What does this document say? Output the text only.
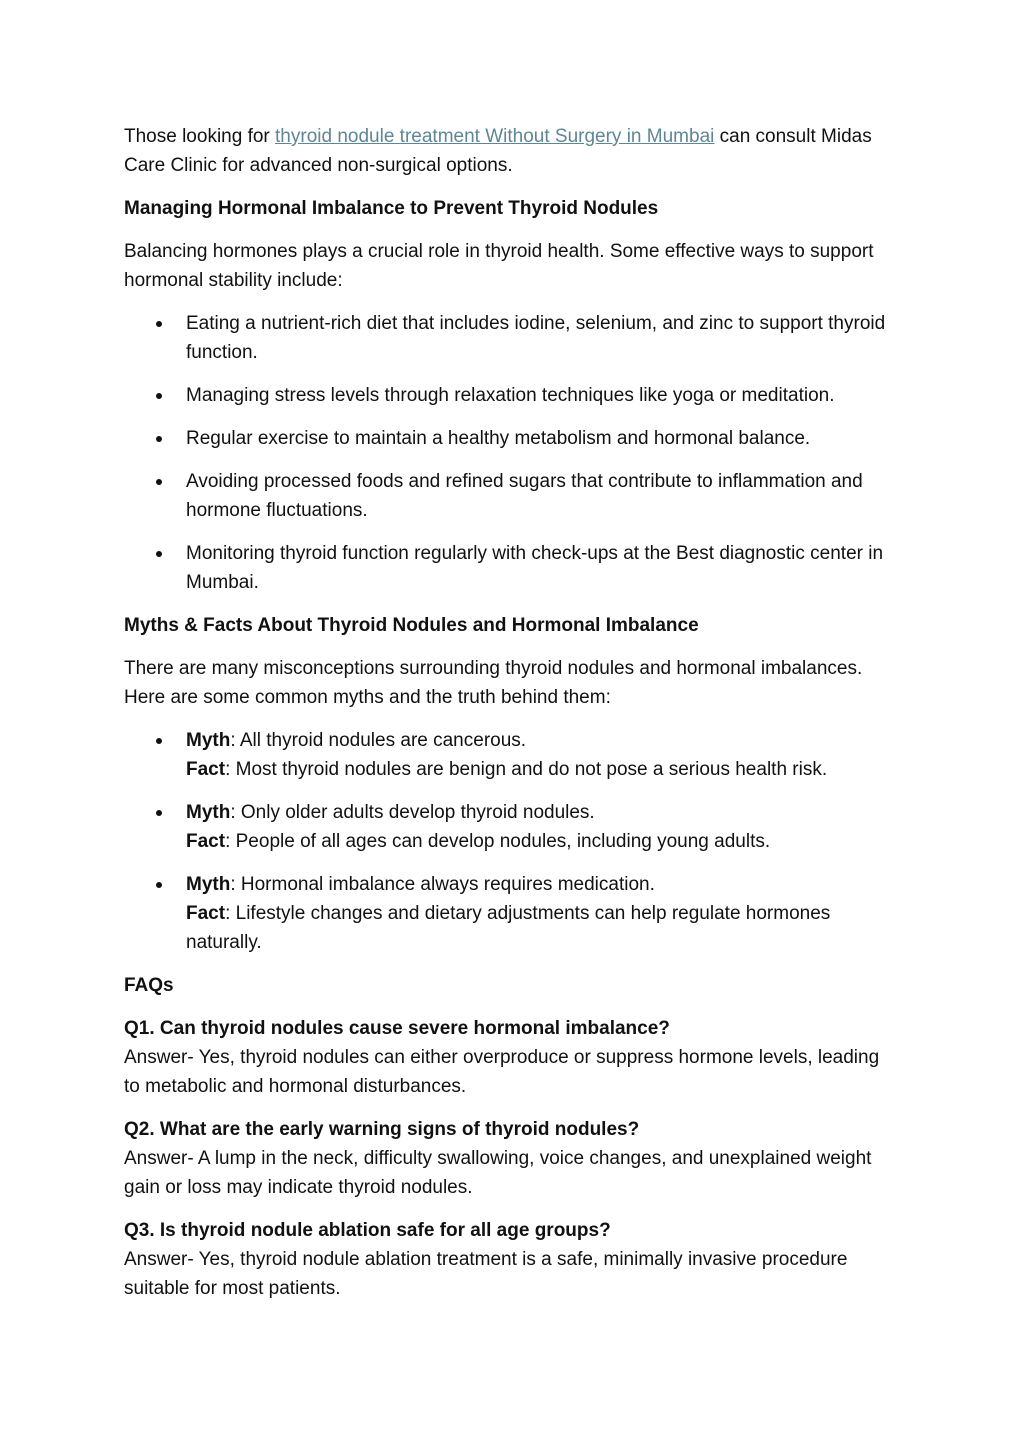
Those looking for thyroid nodule treatment Without Surgery in Mumbai can consult Midas Care Clinic for advanced non-surgical options.

Managing Hormonal Imbalance to Prevent Thyroid Nodules

Balancing hormones plays a crucial role in thyroid health. Some effective ways to support hormonal stability include:

Eating a nutrient-rich diet that includes iodine, selenium, and zinc to support thyroid function.
Managing stress levels through relaxation techniques like yoga or meditation.
Regular exercise to maintain a healthy metabolism and hormonal balance.
Avoiding processed foods and refined sugars that contribute to inflammation and hormone fluctuations.
Monitoring thyroid function regularly with check-ups at the Best diagnostic center in Mumbai.
Myths & Facts About Thyroid Nodules and Hormonal Imbalance

There are many misconceptions surrounding thyroid nodules and hormonal imbalances. Here are some common myths and the truth behind them:

Myth: All thyroid nodules are cancerous.
Fact: Most thyroid nodules are benign and do not pose a serious health risk.
Myth: Only older adults develop thyroid nodules.
Fact: People of all ages can develop nodules, including young adults.
Myth: Hormonal imbalance always requires medication.
Fact: Lifestyle changes and dietary adjustments can help regulate hormones naturally.
FAQs
Q1. Can thyroid nodules cause severe hormonal imbalance?
Answer- Yes, thyroid nodules can either overproduce or suppress hormone levels, leading to metabolic and hormonal disturbances.
Q2. What are the early warning signs of thyroid nodules?
Answer- A lump in the neck, difficulty swallowing, voice changes, and unexplained weight gain or loss may indicate thyroid nodules.
Q3. Is thyroid nodule ablation safe for all age groups?
Answer- Yes, thyroid nodule ablation treatment is a safe, minimally invasive procedure suitable for most patients.
